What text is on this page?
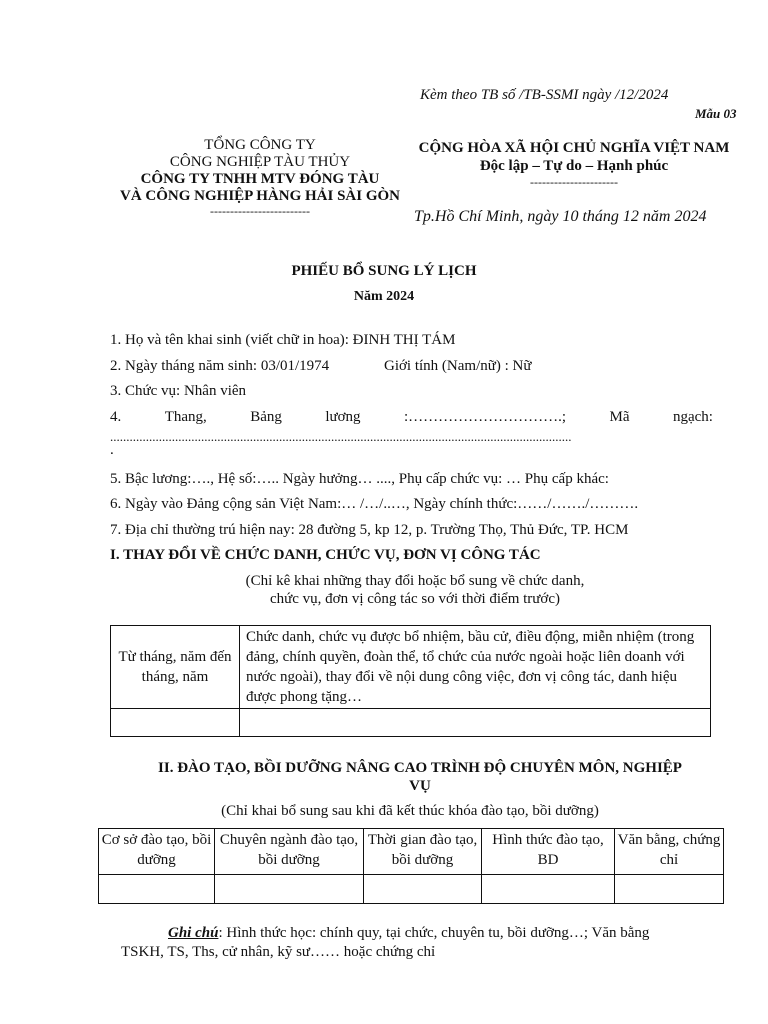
Kèm theo TB số /TB-SSMI ngày /12/2024
Mẫu 03
TỔNG CÔNG TY
CÔNG NGHIỆP TÀU THỦY
CÔNG TY TNHH MTV ĐÓNG TÀU
VÀ CÔNG NGHIỆP HÀNG HẢI SÀI GÒN
-------------------------
CỘNG HÒA XÃ HỘI CHỦ NGHĨA VIỆT NAM
Độc lập – Tự do – Hạnh phúc
----------------------
Tp.Hồ Chí Minh, ngày 10 tháng 12 năm 2024
PHIẾU BỔ SUNG LÝ LỊCH
Năm 2024
1. Họ và tên khai sinh (viết chữ in hoa): ĐINH THỊ TÁM
2. Ngày tháng năm sinh: 03/01/1974	Giới tính (Nam/nữ) : Nữ
3. Chức vụ: Nhân viên
4.	Thang,	Bảng	lương	:………………………….;	Mã	ngạch:
..............................................................................................................................................
.
5. Bậc lương:…., Hệ số:….. Ngày hưởng… ...., Phụ cấp chức vụ: … Phụ cấp khác:
6. Ngày vào Đảng cộng sản Việt Nam:… /…/..…, Ngày chính thức:……/……./……….
7. Địa chỉ thường trú hiện nay: 28 đường 5, kp 12, p. Trường Thọ, Thủ Đức, TP. HCM
I. THAY ĐỔI VỀ CHỨC DANH, CHỨC VỤ, ĐƠN VỊ CÔNG TÁC
(Chỉ kê khai những thay đổi hoặc bổ sung về chức danh,
chức vụ, đơn vị công tác so với thời điểm trước)
Từ tháng, năm đến tháng, năm	Chức danh, chức vụ được bổ nhiệm, bầu cử, điều động, miễn nhiệm (trong đảng, chính quyền, đoàn thể, tổ chức của nước ngoài hoặc liên doanh với nước ngoài), thay đổi về nội dung công việc, đơn vị công tác, danh hiệu được phong tặng…

II. ĐÀO TẠO, BỒI DƯỠNG NÂNG CAO TRÌNH ĐỘ CHUYÊN MÔN, NGHIỆP
VỤ
(Chỉ khai bổ sung sau khi đã kết thúc khóa đào tạo, bồi dưỡng)
Cơ sở đào tạo, bồi dưỡng	Chuyên ngành đào tạo, bồi dưỡng	Thời gian đào tạo, bồi dưỡng	Hình thức đào tạo, BD	Văn bằng, chứng chỉ

Ghi chú: Hình thức học: chính quy, tại chức, chuyên tu, bồi dưỡng…; Văn bằng
TSKH, TS, Ths, cử nhân, kỹ sư…… hoặc chứng chỉ
